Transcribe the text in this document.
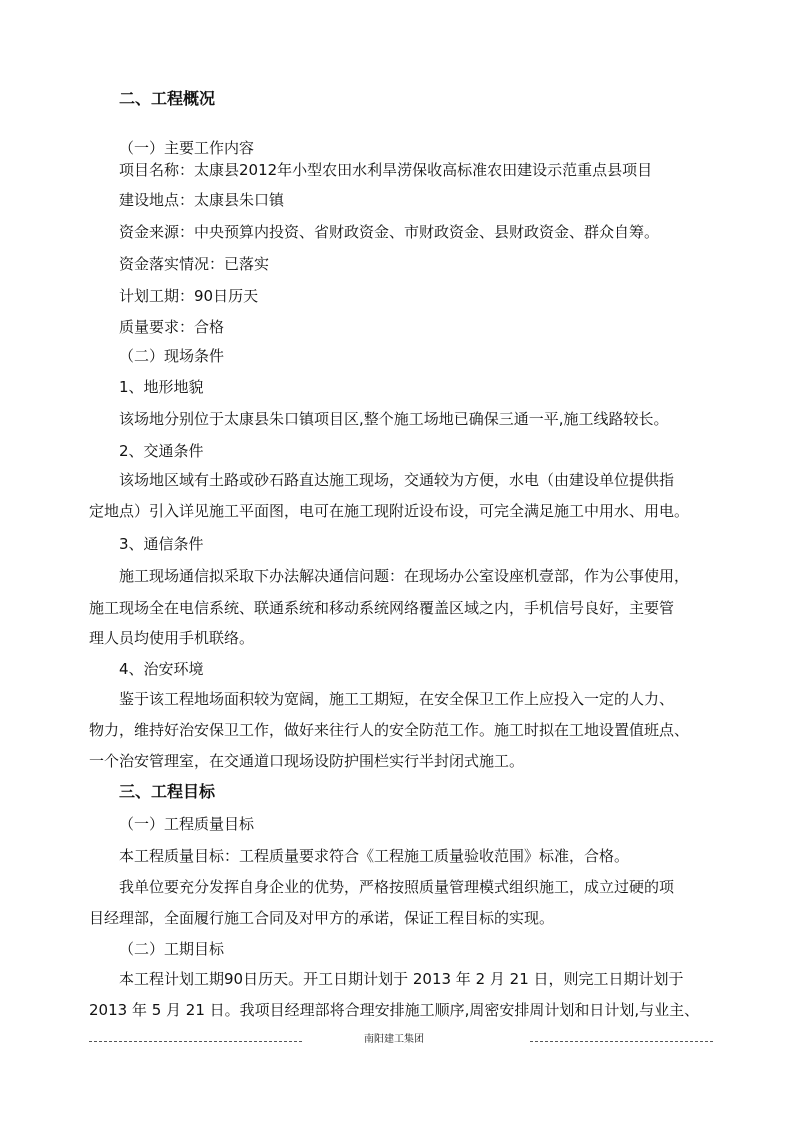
二、工程概况
（一）主要工作内容
项目名称：太康县2012年小型农田水利旱涝保收高标准农田建设示范重点县项目
建设地点：太康县朱口镇
资金来源：中央预算内投资、省财政资金、市财政资金、县财政资金、群众自筹。
资金落实情况：已落实
计划工期：90日历天
质量要求：合格
（二）现场条件
1、地形地貌
该场地分别位于太康县朱口镇项目区,整个施工场地已确保三通一平,施工线路较长。
2、交通条件
该场地区域有土路或砂石路直达施工现场，交通较为方便，水电（由建设单位提供指
定地点）引入详见施工平面图，电可在施工现附近设布设，可完全满足施工中用水、用电。
3、通信条件
施工现场通信拟采取下办法解决通信问题：在现场办公室设座机壹部，作为公事使用，
施工现场全在电信系统、联通系统和移动系统网络覆盖区域之内，手机信号良好，主要管
理人员均使用手机联络。
4、治安环境
鉴于该工程地场面积较为宽阔，施工工期短，在安全保卫工作上应投入一定的人力、
物力，维持好治安保卫工作，做好来往行人的安全防范工作。施工时拟在工地设置值班点、
一个治安管理室，在交通道口现场设防护围栏实行半封闭式施工。
三、工程目标
（一）工程质量目标
本工程质量目标：工程质量要求符合《工程施工质量验收范围》标准，合格。
我单位要充分发挥自身企业的优势，严格按照质量管理模式组织施工，成立过硬的项
目经理部，全面履行施工合同及对甲方的承诺，保证工程目标的实现。
（二）工期目标
本工程计划工期90日历天。开工日期计划于 2013 年 2 月 21 日，则完工日期计划于
2013 年 5 月 21 日。我项目经理部将合理安排施工顺序,周密安排周计划和日计划,与业主、
南阳建工集团
